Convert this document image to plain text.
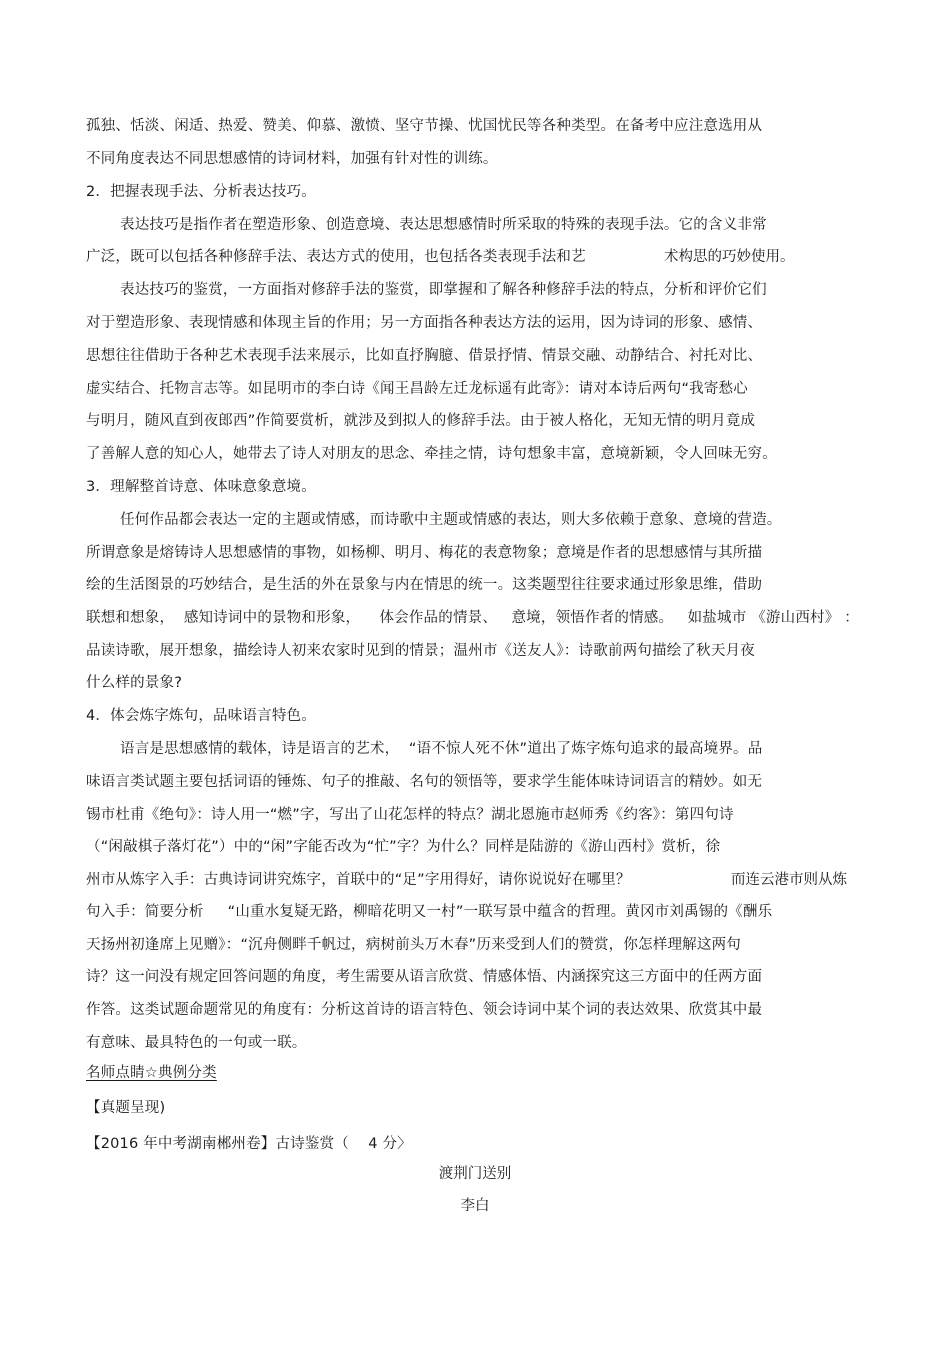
孤独、恬淡、闲适、热爱、赞美、仰慕、激愤、坚守节操、忧国忧民等各种类型。在备考中应注意选用从
不同角度表达不同思想感情的诗词材料，加强有针对性的训练。
2．把握表现手法、分析表达技巧。
表达技巧是指作者在塑造形象、创造意境、表达思想感情时所采取的特殊的表现手法。它的含义非常
广泛，既可以包括各种修辞手法、表达方式的使用，也包括各类表现手法和艺	术构思的巧妙使用。
表达技巧的鉴赏，一方面指对修辞手法的鉴赏，即掌握和了解各种修辞手法的特点，分析和评价它们
对于塑造形象、表现情感和体现主旨的作用；另一方面指各种表达方法的运用，因为诗词的形象、感情、
思想往往借助于各种艺术表现手法来展示，比如直抒胸臆、借景抒情、情景交融、动静结合、衬托对比、
虚实结合、托物言志等。如昆明市的李白诗《闻王昌龄左迁龙标遥有此寄》：请对本诗后两句“我寄愁心
与明月，随风直到夜郎西”作简要赏析，就涉及到拟人的修辞手法。由于被人格化，无知无情的明月竟成
了善解人意的知心人，她带去了诗人对朋友的思念、牵挂之情，诗句想象丰富，意境新颖，令人回味无穷。
3．理解整首诗意、体味意象意境。
任何作品都会表达一定的主题或情感，而诗歌中主题或情感的表达，则大多依赖于意象、意境的营造。
所谓意象是熔铸诗人思想感情的事物，如杨柳、明月、梅花的表意物象；意境是作者的思想感情与其所描
绘的生活图景的巧妙结合，是生活的外在景象与内在情思的统一。这类题型往往要求通过形象思维，借助
联想和想象，  感知诗词中的景物和形象，    体会作品的情景、   意境，领悟作者的情感。   如盐城市 《游山西村》 ：
品读诗歌，展开想象，描绘诗人初来农家时见到的情景；温州市《送友人》：诗歌前两句描绘了秋天月夜
什么样的景象?
4．体会炼字炼句，品味语言特色。
语言是思想感情的载体，诗是语言的艺术，  “语不惊人死不休”道出了炼字炼句追求的最高境界。品
味语言类试题主要包括词语的锤炼、句子的推敲、名句的领悟等，要求学生能体味诗词语言的精妙。如无
锡市杜甫《绝句》：诗人用一“燃”字，写出了山花怎样的特点？湖北恩施市赵师秀《约客》：第四句诗
（“闲敲棋子落灯花”）中的“闲”字能否改为“忙”字？为什么？同样是陆游的《游山西村》赏析，徐
州市从炼字入手：古典诗词讲究炼字，首联中的“足”字用得好，请你说说好在哪里？	而连云港市则从炼
句入手：简要分析     “山重水复疑无路，柳暗花明又一村”一联写景中蕴含的哲理。黄冈市刘禹锡的《酬乐
天扬州初逢席上见赠》：“沉舟侧畔千帆过，病树前头万木春”历来受到人们的赞赏，你怎样理解这两句
诗？这一问没有规定回答问题的角度，考生需要从语言欣赏、情感体悟、内涵探究这三方面中的任两方面
作答。这类试题命题常见的角度有：分析这首诗的语言特色、领会诗词中某个词的表达效果、欣赏其中最
有意味、最具特色的一句或一联。
名师点睛☆典例分类
【真题呈现)
【2016 年中考湖南郴州卷】古诗鉴赏（    4 分〉
渡荆门送别
李白
